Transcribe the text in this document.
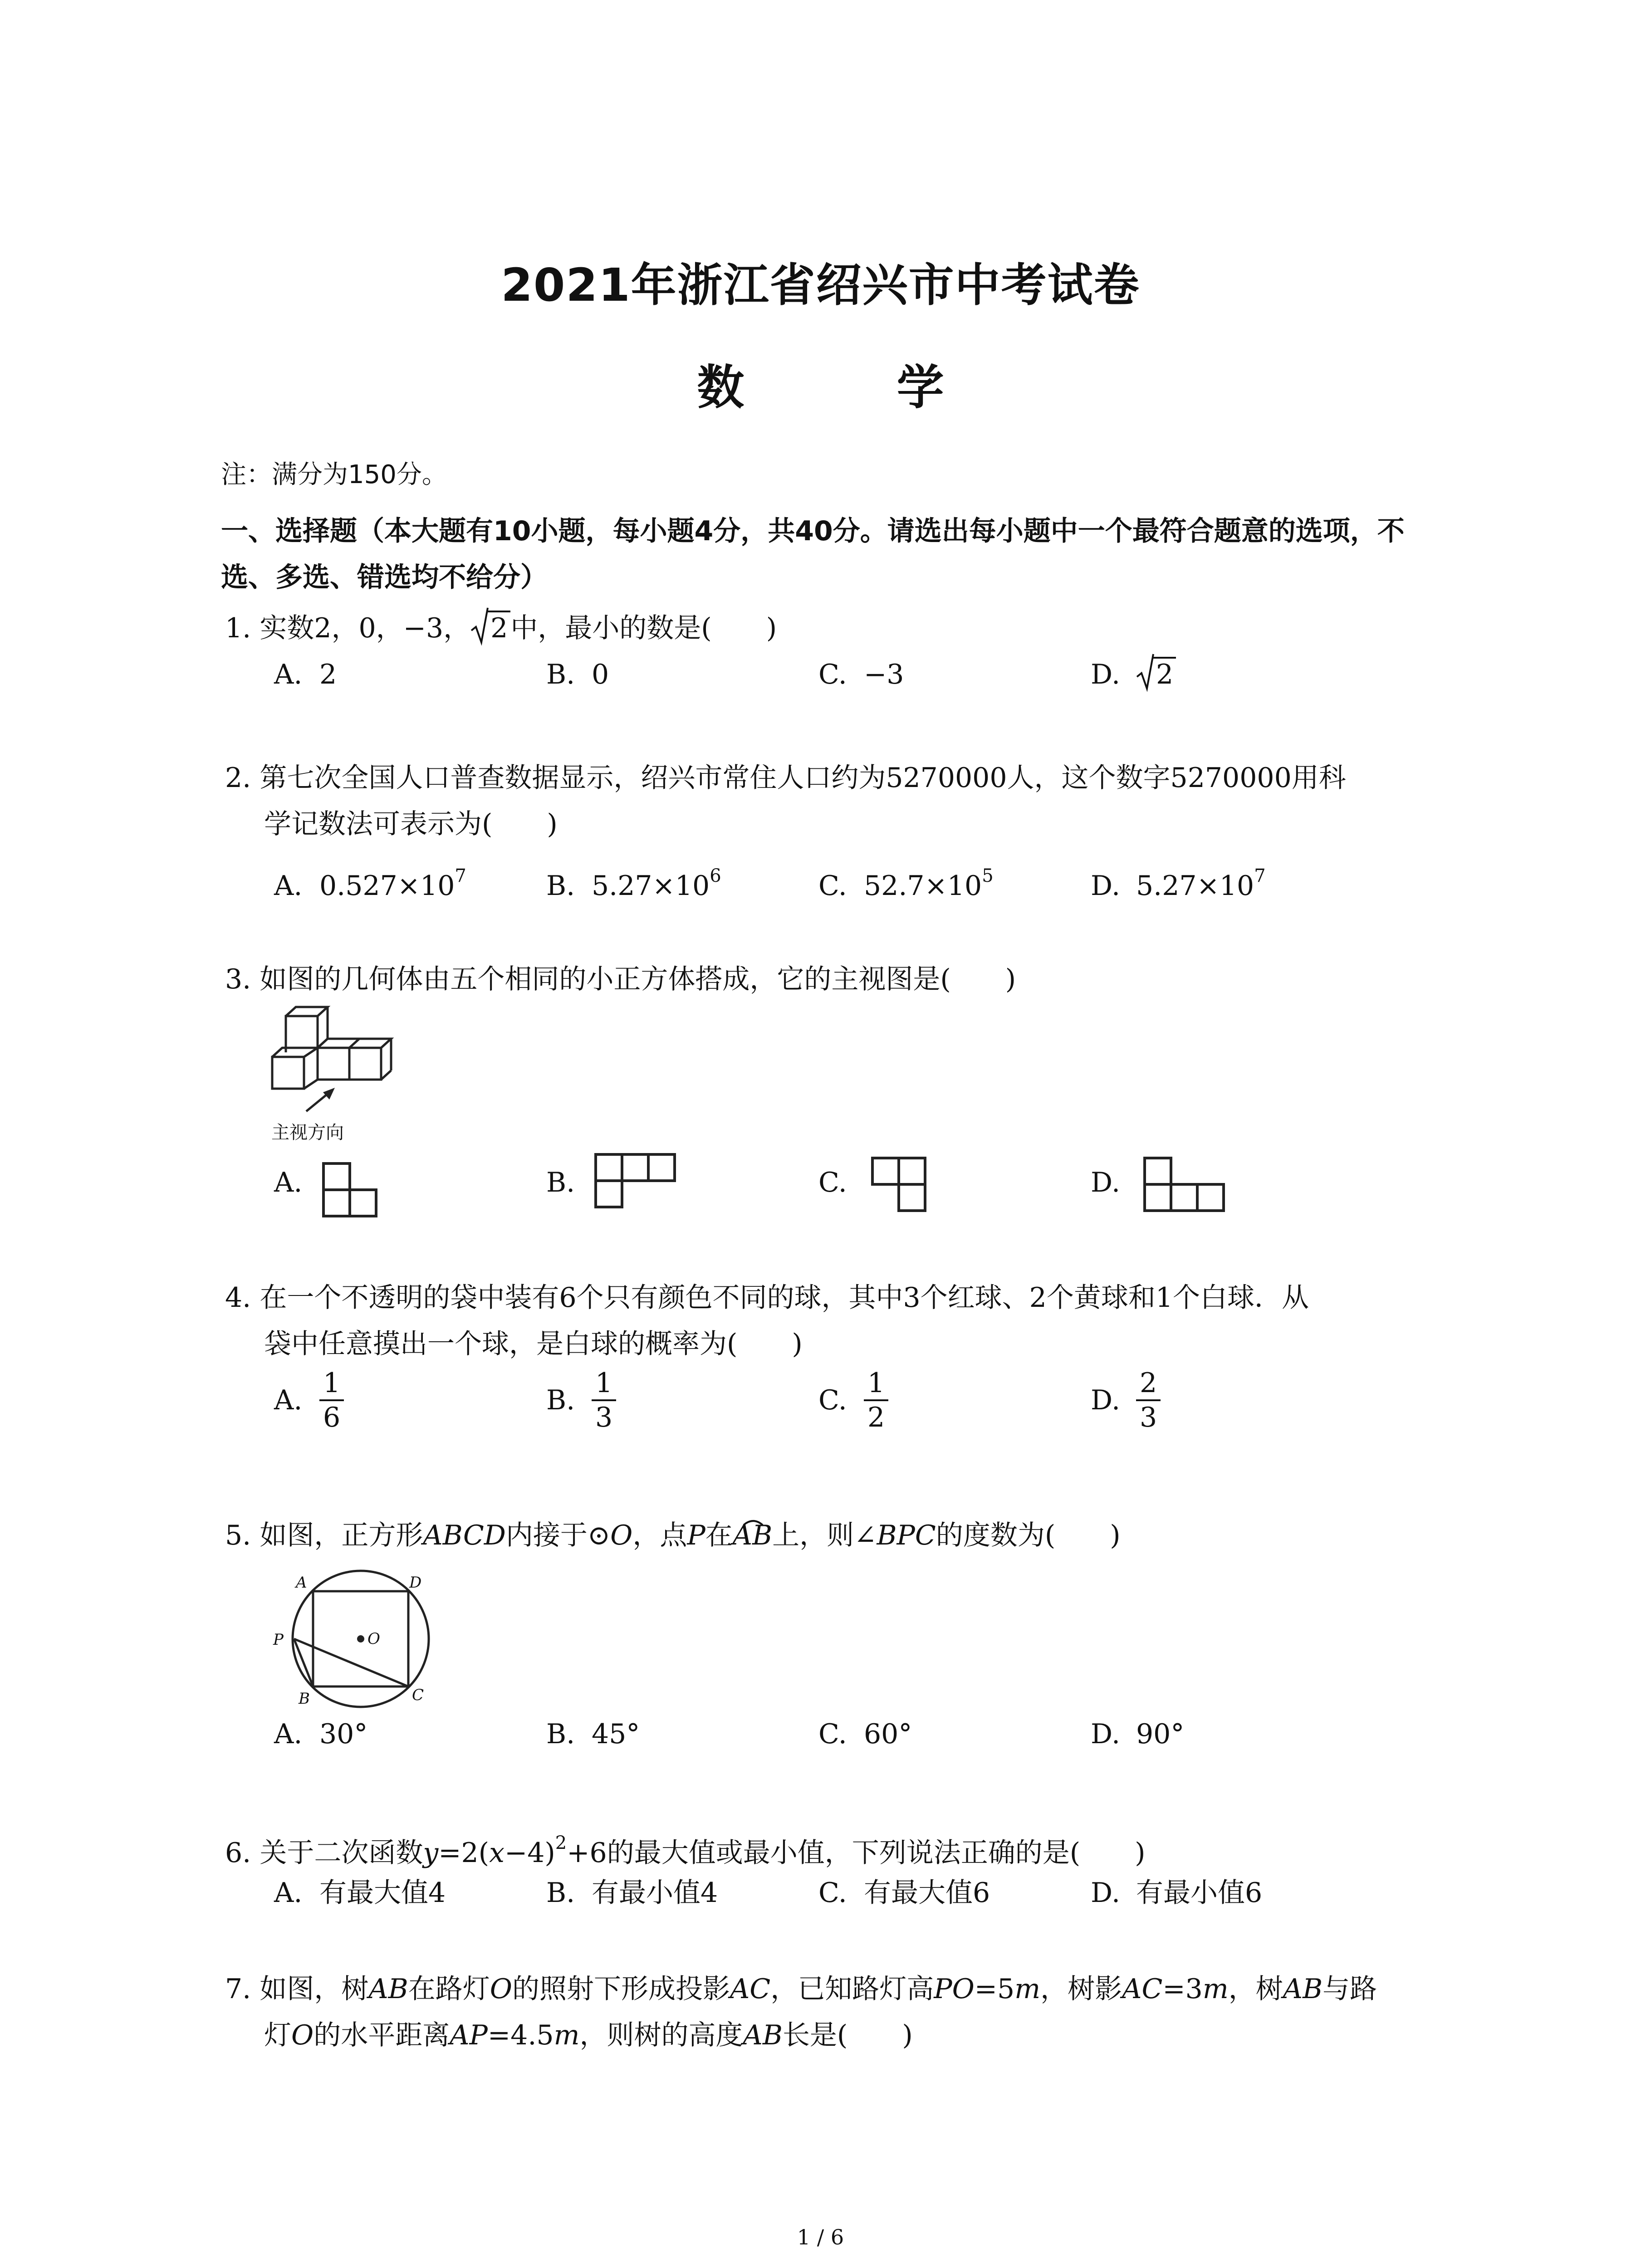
2021年浙江省绍兴市中考试卷
数 学
注：满分为150分。
一、选择题（本大题有10小题，每小题4分，共40分。请选出每小题中一个最符合题意的选项，不选、多选、错选均不给分）
1. 实数2，0，−3， 2 中，最小的数是(　　)
A. 2	B. 0	C. −3	D. 2
2. 第七次全国人口普查数据显示，绍兴市常住人口约为5270000人，这个数字5270000用科
学记数法可表示为(　　)
A. $0.527\times 10^7$	B. $5.27\times 10^6$	C. $52.7\times 10^5$	D. $5.27\times 10^7$
3. 如图的几何体由五个相同的小正方体搭成，它的主视图是(　　)
主视方向
A.	B.	C.	D.
4. 在一个不透明的袋中装有6个只有颜色不同的球，其中3个红球、2个黄球和1个白球．从
袋中任意摸出一个球，是白球的概率为(　　)
A. $\frac{1}{6}$	B. $\frac{1}{3}$	C. $\frac{1}{2}$	D. $\frac{2}{3}$
5. 如图，正方形ABCD内接于⊙O，点P在
AB上，则∠BPC的度数为(　　)
A	D
P	O
B	C
A. 30°	B. 45°	C. 60°	D. 90°
6. 关于二次函数$y=2(x-4)^2+6$的最大值或最小值，下列说法正确的是(　　)
A. 有最大值4	B. 有最小值4	C. 有最大值6	D. 有最小值6
7. 如图，树AB在路灯O的照射下形成投影AC，已知路灯高PO=5m，树影AC=3m，树AB与路
灯O的水平距离AP=4.5m，则树的高度AB长是(　　)
1 / 6
